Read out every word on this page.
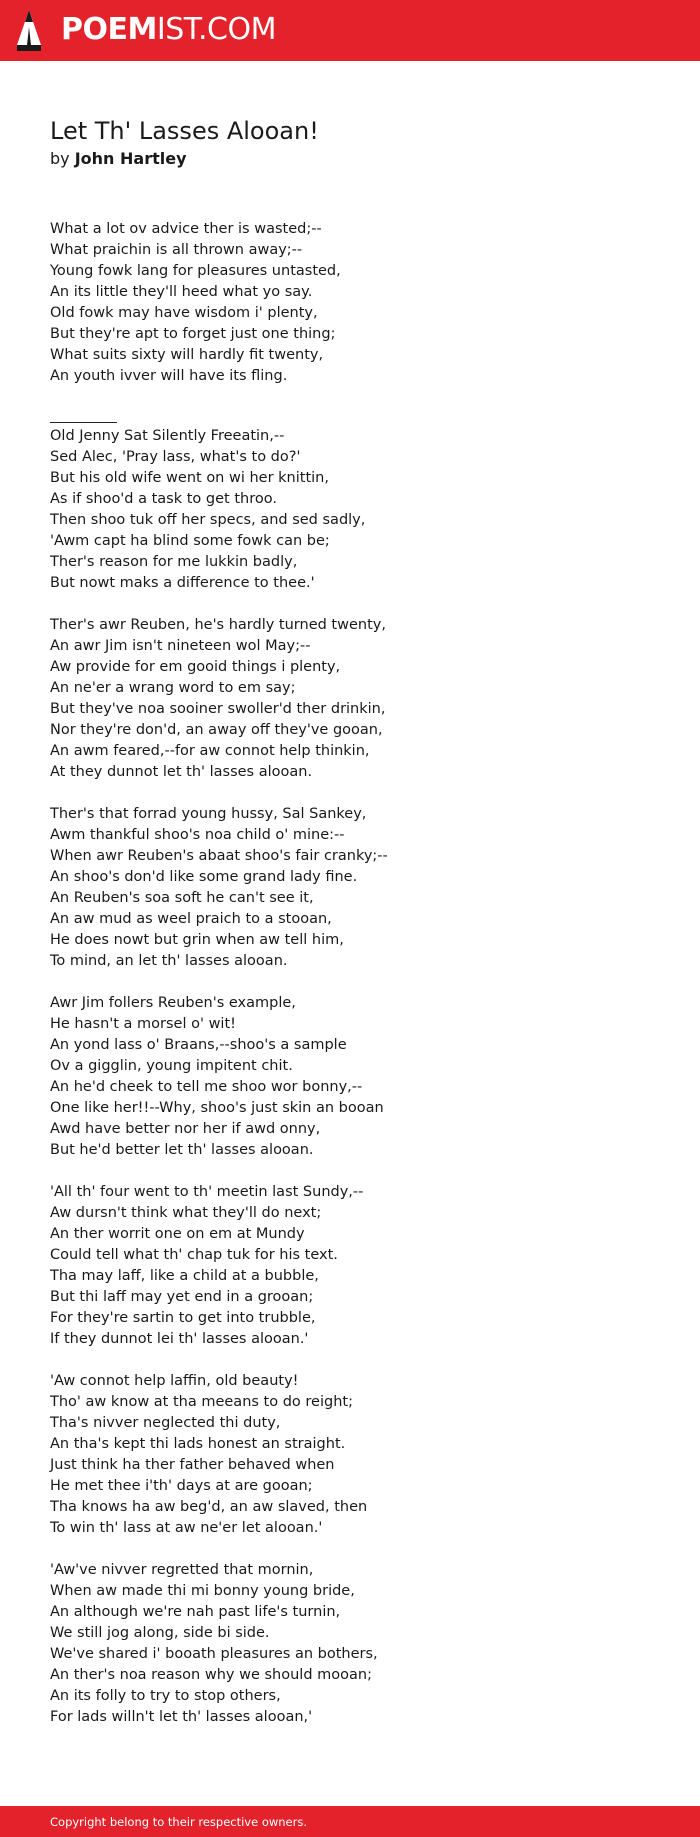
POEMIST.COM
Let Th' Lasses Alooan!
by John Hartley
What a lot ov advice ther is wasted;--
What praichin is all thrown away;--
Young fowk lang for pleasures untasted,
An its little they'll heed what yo say.
Old fowk may have wisdom i' plenty,
But they're apt to forget just one thing;
What suits sixty will hardly fit twenty,
An youth ivver will have its fling.
Old Jenny Sat Silently Freeatin,--
Sed Alec, 'Pray lass, what's to do?'
But his old wife went on wi her knittin,
As if shoo'd a task to get throo.
Then shoo tuk off her specs, and sed sadly,
'Awm capt ha blind some fowk can be;
Ther's reason for me lukkin badly,
But nowt maks a difference to thee.'
Ther's awr Reuben, he's hardly turned twenty,
An awr Jim isn't nineteen wol May;--
Aw provide for em gooid things i plenty,
An ne'er a wrang word to em say;
But they've noa sooiner swoller'd ther drinkin,
Nor they're don'd, an away off they've gooan,
An awm feared,--for aw connot help thinkin,
At they dunnot let th' lasses alooan.
Ther's that forrad young hussy, Sal Sankey,
Awm thankful shoo's noa child o' mine:--
When awr Reuben's abaat shoo's fair cranky;--
An shoo's don'd like some grand lady fine.
An Reuben's soa soft he can't see it,
An aw mud as weel praich to a stooan,
He does nowt but grin when aw tell him,
To mind, an let th' lasses alooan.
Awr Jim follers Reuben's example,
He hasn't a morsel o' wit!
An yond lass o' Braans,--shoo's a sample
Ov a gigglin, young impitent chit.
An he'd cheek to tell me shoo wor bonny,--
One like her!!--Why, shoo's just skin an booan
Awd have better nor her if awd onny,
But he'd better let th' lasses alooan.
'All th' four went to th' meetin last Sundy,--
Aw dursn't think what they'll do next;
An ther worrit one on em at Mundy
Could tell what th' chap tuk for his text.
Tha may laff, like a child at a bubble,
But thi laff may yet end in a grooan;
For they're sartin to get into trubble,
If they dunnot lei th' lasses alooan.'
'Aw connot help laffin, old beauty!
Tho' aw know at tha meeans to do reight;
Tha's nivver neglected thi duty,
An tha's kept thi lads honest an straight.
Just think ha ther father behaved when
He met thee i'th' days at are gooan;
Tha knows ha aw beg'd, an aw slaved, then
To win th' lass at aw ne'er let alooan.'
'Aw've nivver regretted that mornin,
When aw made thi mi bonny young bride,
An although we're nah past life's turnin,
We still jog along, side bi side.
We've shared i' booath pleasures an bothers,
An ther's noa reason why we should mooan;
An its folly to try to stop others,
For lads willn't let th' lasses alooan,'
Copyright belong to their respective owners.
